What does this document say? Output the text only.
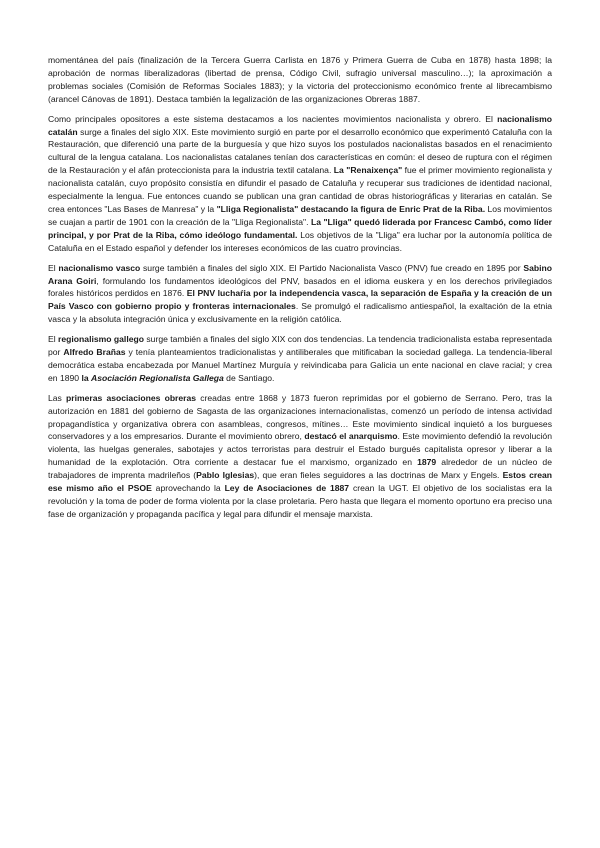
momentánea del país (finalización de la Tercera Guerra Carlista en 1876 y Primera Guerra de Cuba en 1878) hasta 1898; la aprobación de normas liberalizadoras (libertad de prensa, Código Civil, sufragio universal masculino…); la aproximación a problemas sociales (Comisión de Reformas Sociales 1883); y la victoria del proteccionismo económico frente al librecambismo (arancel Cánovas de 1891). Destaca también la legalización de las organizaciones Obreras 1887.

Como principales opositores a este sistema destacamos a los nacientes movimientos nacionalista y obrero. El nacionalismo catalán surge a finales del siglo XIX. Este movimiento surgió en parte por el desarrollo económico que experimentó Cataluña con la Restauración, que diferenció una parte de la burguesía y que hizo suyos los postulados nacionalistas basados en el renacimiento cultural de la lengua catalana. Los nacionalistas catalanes tenían dos características en común: el deseo de ruptura con el régimen de la Restauración y el afán proteccionista para la industria textil catalana. La "Renaixença" fue el primer movimiento regionalista y nacionalista catalán, cuyo propósito consistía en difundir el pasado de Cataluña y recuperar sus tradiciones de identidad nacional, especialmente la lengua. Fue entonces cuando se publican una gran cantidad de obras historiográficas y literarias en catalán. Se crea entonces "Las Bases de Manresa" y la "Lliga Regionalista" destacando la figura de Enric Prat de la Riba. Los movimientos se cuajan a partir de 1901 con la creación de la "Lliga Regionalista". La "Lliga" quedó liderada por Francesc Cambó, como líder principal, y por Prat de la Riba, cómo ideólogo fundamental. Los objetivos de la "Lliga" era luchar por la autonomía política de Cataluña en el Estado español y defender los intereses económicos de las cuatro provincias.

El nacionalismo vasco surge también a finales del siglo XIX. El Partido Nacionalista Vasco (PNV) fue creado en 1895 por Sabino Arana Goiri, formulando los fundamentos ideológicos del PNV, basados en el idioma euskera y en los derechos privilegiados forales históricos perdidos en 1876. El PNV luchaŕia por la independencia vasca, la separación de España y la creación de un País Vasco con gobierno propio y fronteras internacionales. Se promulgó el radicalismo antiespañol, la exaltación de la etnia vasca y la absoluta integración única y exclusivamente en la religión católica.

El regionalismo gallego surge también a finales del siglo XIX con dos tendencias. La tendencia tradicionalista estaba representada por Alfredo Brañas y tenía planteamientos tradicionalistas y antiliberales que mitificaban la sociedad gallega. La tendencia-liberal democrática estaba encabezada por Manuel Martínez Murguía y reivindicaba para Galicia un ente nacional en clave racial; y crea en 1890 la Asociación Regionalista Gallega de Santiago.

Las primeras asociaciones obreras creadas entre 1868 y 1873 fueron reprimidas por el gobierno de Serrano. Pero, tras la autorización en 1881 del gobierno de Sagasta de las organizaciones internacionalistas, comenzó un período de intensa actividad propagandística y organizativa obrera con asambleas, congresos, mítines… Este movimiento sindical inquietó a los burgueses conservadores y a los empresarios. Durante el movimiento obrero, destacó el anarquismo. Este movimiento defendió la revolución violenta, las huelgas generales, sabotajes y actos terroristas para destruir el Estado burgués capitalista opresor y liberar a la humanidad de la explotación. Otra corriente a destacar fue el marxismo, organizado en 1879 alrededor de un núcleo de trabajadores de imprenta madrileños (Pablo Iglesias), que eran fieles seguidores a las doctrinas de Marx y Engels. Estos crean ese mismo año el PSOE aprovechando la Ley de Asociaciones de 1887 crean la UGT. El objetivo de los socialistas era la revolución y la toma de poder de forma violenta por la clase proletaria. Pero hasta que llegara el momento oportuno era preciso una fase de organización y propaganda pacífica y legal para difundir el mensaje marxista.
